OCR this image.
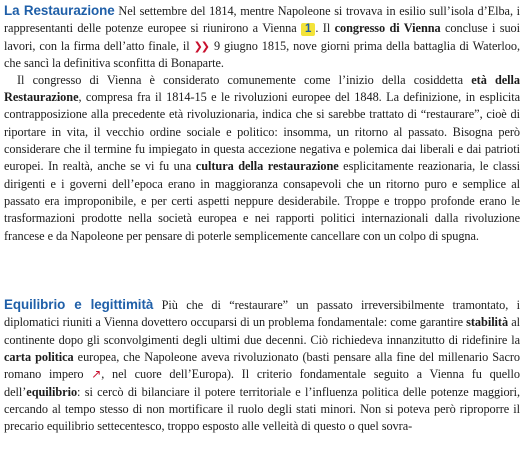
La Restaurazione Nel settembre del 1814, mentre Napoleone si trovava in esilio sull’isola d’Elba, i rappresentanti delle potenze europee si riunirono a Vienna 1 . Il congresso di Vienna concluse i suoi lavori, con la firma dell’atto finale, il ❯❯ 9 giugno 1815, nove giorni prima della battaglia di Waterloo, che sancì la definitiva sconfitta di Bonaparte.

Il congresso di Vienna è considerato comunemente come l’inizio della cosiddetta età della Restaurazione, compresa fra il 1814-15 e le rivoluzioni europee del 1848. La definizione, in esplicita contrapposizione alla precedente età rivoluzionaria, indica che si sarebbe trattato di “restaurare”, cioè di riportare in vita, il vecchio ordine sociale e politico: insomma, un ritorno al passato. Bisogna però considerare che il termine fu impiegato in questa accezione negativa e polemica dai liberali e dai patrioti europei. In realtà, anche se vi fu una cultura della restaurazione esplicitamente reazionaria, le classi dirigenti e i governi dell’epoca erano in maggioranza consapevoli che un ritorno puro e semplice al passato era improponibile, e per certi aspetti neppure desiderabile. Troppe e troppo profonde erano le trasformazioni prodotte nella società europea e nei rapporti politici internazionali dalla rivoluzione francese e da Napoleone per pensare di poterle semplicemente cancellare con un colpo di spugna.

Equilibrio e legittimità Più che di “restaurare” un passato irreversibilmente tramontato, i diplomatici riuniti a Vienna dovettero occuparsi di un problema fondamentale: come garantire stabilità al continente dopo gli sconvolgimenti degli ultimi due decenni. Ciò richiedeva innanzitutto di ridefinire la carta politica europea, che Napoleone aveva rivoluzionato (basti pensare alla fine del millenario Sacro romano impero ↗, nel cuore dell’Europa). Il criterio fondamentale seguito a Vienna fu quello dell’equilibrio: si cercò di bilanciare il potere territoriale e l’influenza politica delle potenze maggiori, cercando al tempo stesso di non mortificare il ruolo degli stati minori. Non si poteva però riproporre il precario equilibrio settecentesco, troppo esposto alle velleità di questo o quel sovra-
